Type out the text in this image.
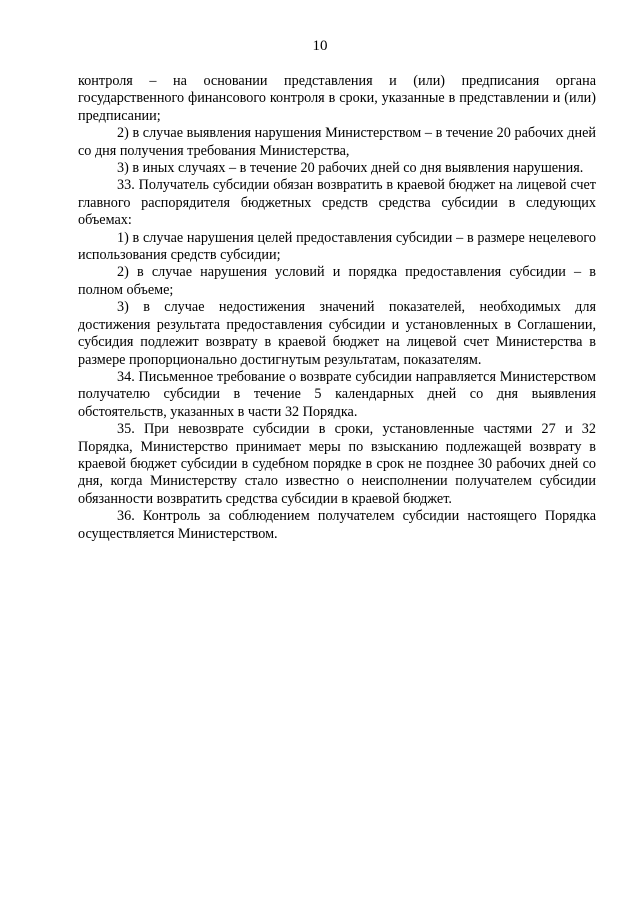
10

контроля – на основании представления и (или) предписания органа государственного финансового контроля в сроки, указанные в представлении и (или) предписании;

2) в случае выявления нарушения Министерством – в течение 20 рабочих дней со дня получения требования Министерства,

3) в иных случаях – в течение 20 рабочих дней со дня выявления нарушения.

33. Получатель субсидии обязан возвратить в краевой бюджет на лицевой счет главного распорядителя бюджетных средств средства субсидии в следующих объемах:

1) в случае нарушения целей предоставления субсидии – в размере нецелевого использования средств субсидии;

2) в случае нарушения условий и порядка предоставления субсидии – в полном объеме;

3) в случае недостижения значений показателей, необходимых для достижения результата предоставления субсидии и установленных в Соглашении, субсидия подлежит возврату в краевой бюджет на лицевой счет Министерства в размере пропорционально достигнутым результатам, показателям.

34. Письменное требование о возврате субсидии направляется Министерством получателю субсидии в течение 5 календарных дней со дня выявления обстоятельств, указанных в части 32 Порядка.

35. При невозврате субсидии в сроки, установленные частями 27 и 32 Порядка, Министерство принимает меры по взысканию подлежащей возврату в краевой бюджет субсидии в судебном порядке в срок не позднее 30 рабочих дней со дня, когда Министерству стало известно о неисполнении получателем субсидии обязанности возвратить средства субсидии в краевой бюджет.

36. Контроль за соблюдением получателем субсидии настоящего Порядка осуществляется Министерством.
